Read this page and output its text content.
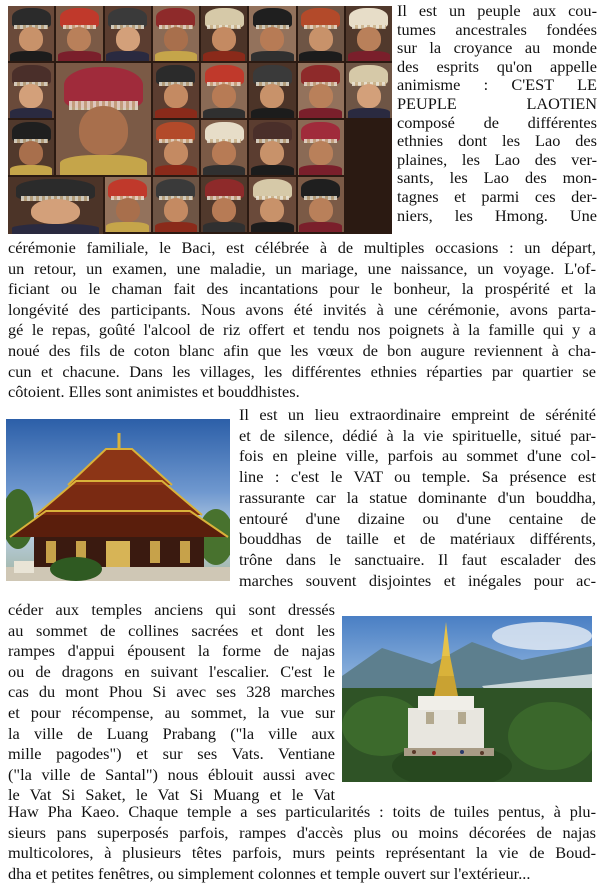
Il est un peuple aux cou-
tumes ancestrales fondées
sur la croyance au monde
des esprits qu'on appelle
animisme : C'EST LE
PEUPLE LAOTIEN
composé de différentes
ethnies dont les Lao des
plaines, les Lao des ver-
sants, les Lao des mon-
tagnes et parmi ces der-
niers, les Hmong. Une
cérémonie familiale, le Baci, est célébrée à de multiples occasions : un départ,
un retour, un examen, une maladie, un mariage, une naissance, un voyage. L'of-
ficiant ou le chaman fait des incantations pour le bonheur, la prospérité et la
longévité des participants. Nous avons été invités à une cérémonie, avons parta-
gé le repas, goûté l'alcool de riz offert et tendu nos poignets à la famille qui y a
noué des fils de coton blanc afin que les vœux de bon augure reviennent à cha-
cun et chacune. Dans les villages, les différentes ethnies réparties par quartier se
côtoient. Elles sont animistes et bouddhistes.
Il est un lieu extraordinaire empreint de sérénité
et de silence, dédié à la vie spirituelle, situé par-
fois en pleine ville, parfois au sommet d'une col-
line : c'est le VAT ou temple. Sa présence est
rassurante car la statue dominante d'un bouddha,
entouré d'une dizaine ou d'une centaine de
bouddhas de taille et de matériaux différents,
trône dans le sanctuaire. Il faut escalader des
marches souvent disjointes et inégales pour ac-
céder aux temples anciens qui sont dressés
au sommet de collines sacrées et dont les
rampes d'appui épousent la forme de najas
ou de dragons en suivant l'escalier. C'est le
cas du mont Phou Si avec ses 328 marches
et pour récompense, au sommet, la vue sur
la ville de Luang Prabang ("la ville aux
mille pagodes") et sur ses Vats. Ventiane
("la ville de Santal") nous éblouit aussi avec
le Vat Si Saket, le Vat Si Muang et le Vat
Haw Pha Kaeo. Chaque temple a ses particularités : toits de tuiles pentus, à plu-
sieurs pans superposés parfois, rampes d'accès plus ou moins décorées de najas
multicolores, à plusieurs têtes parfois, murs peints représentant la vie de Boud-
dha et petites fenêtres, ou simplement colonnes et temple ouvert sur l'extérieur...
